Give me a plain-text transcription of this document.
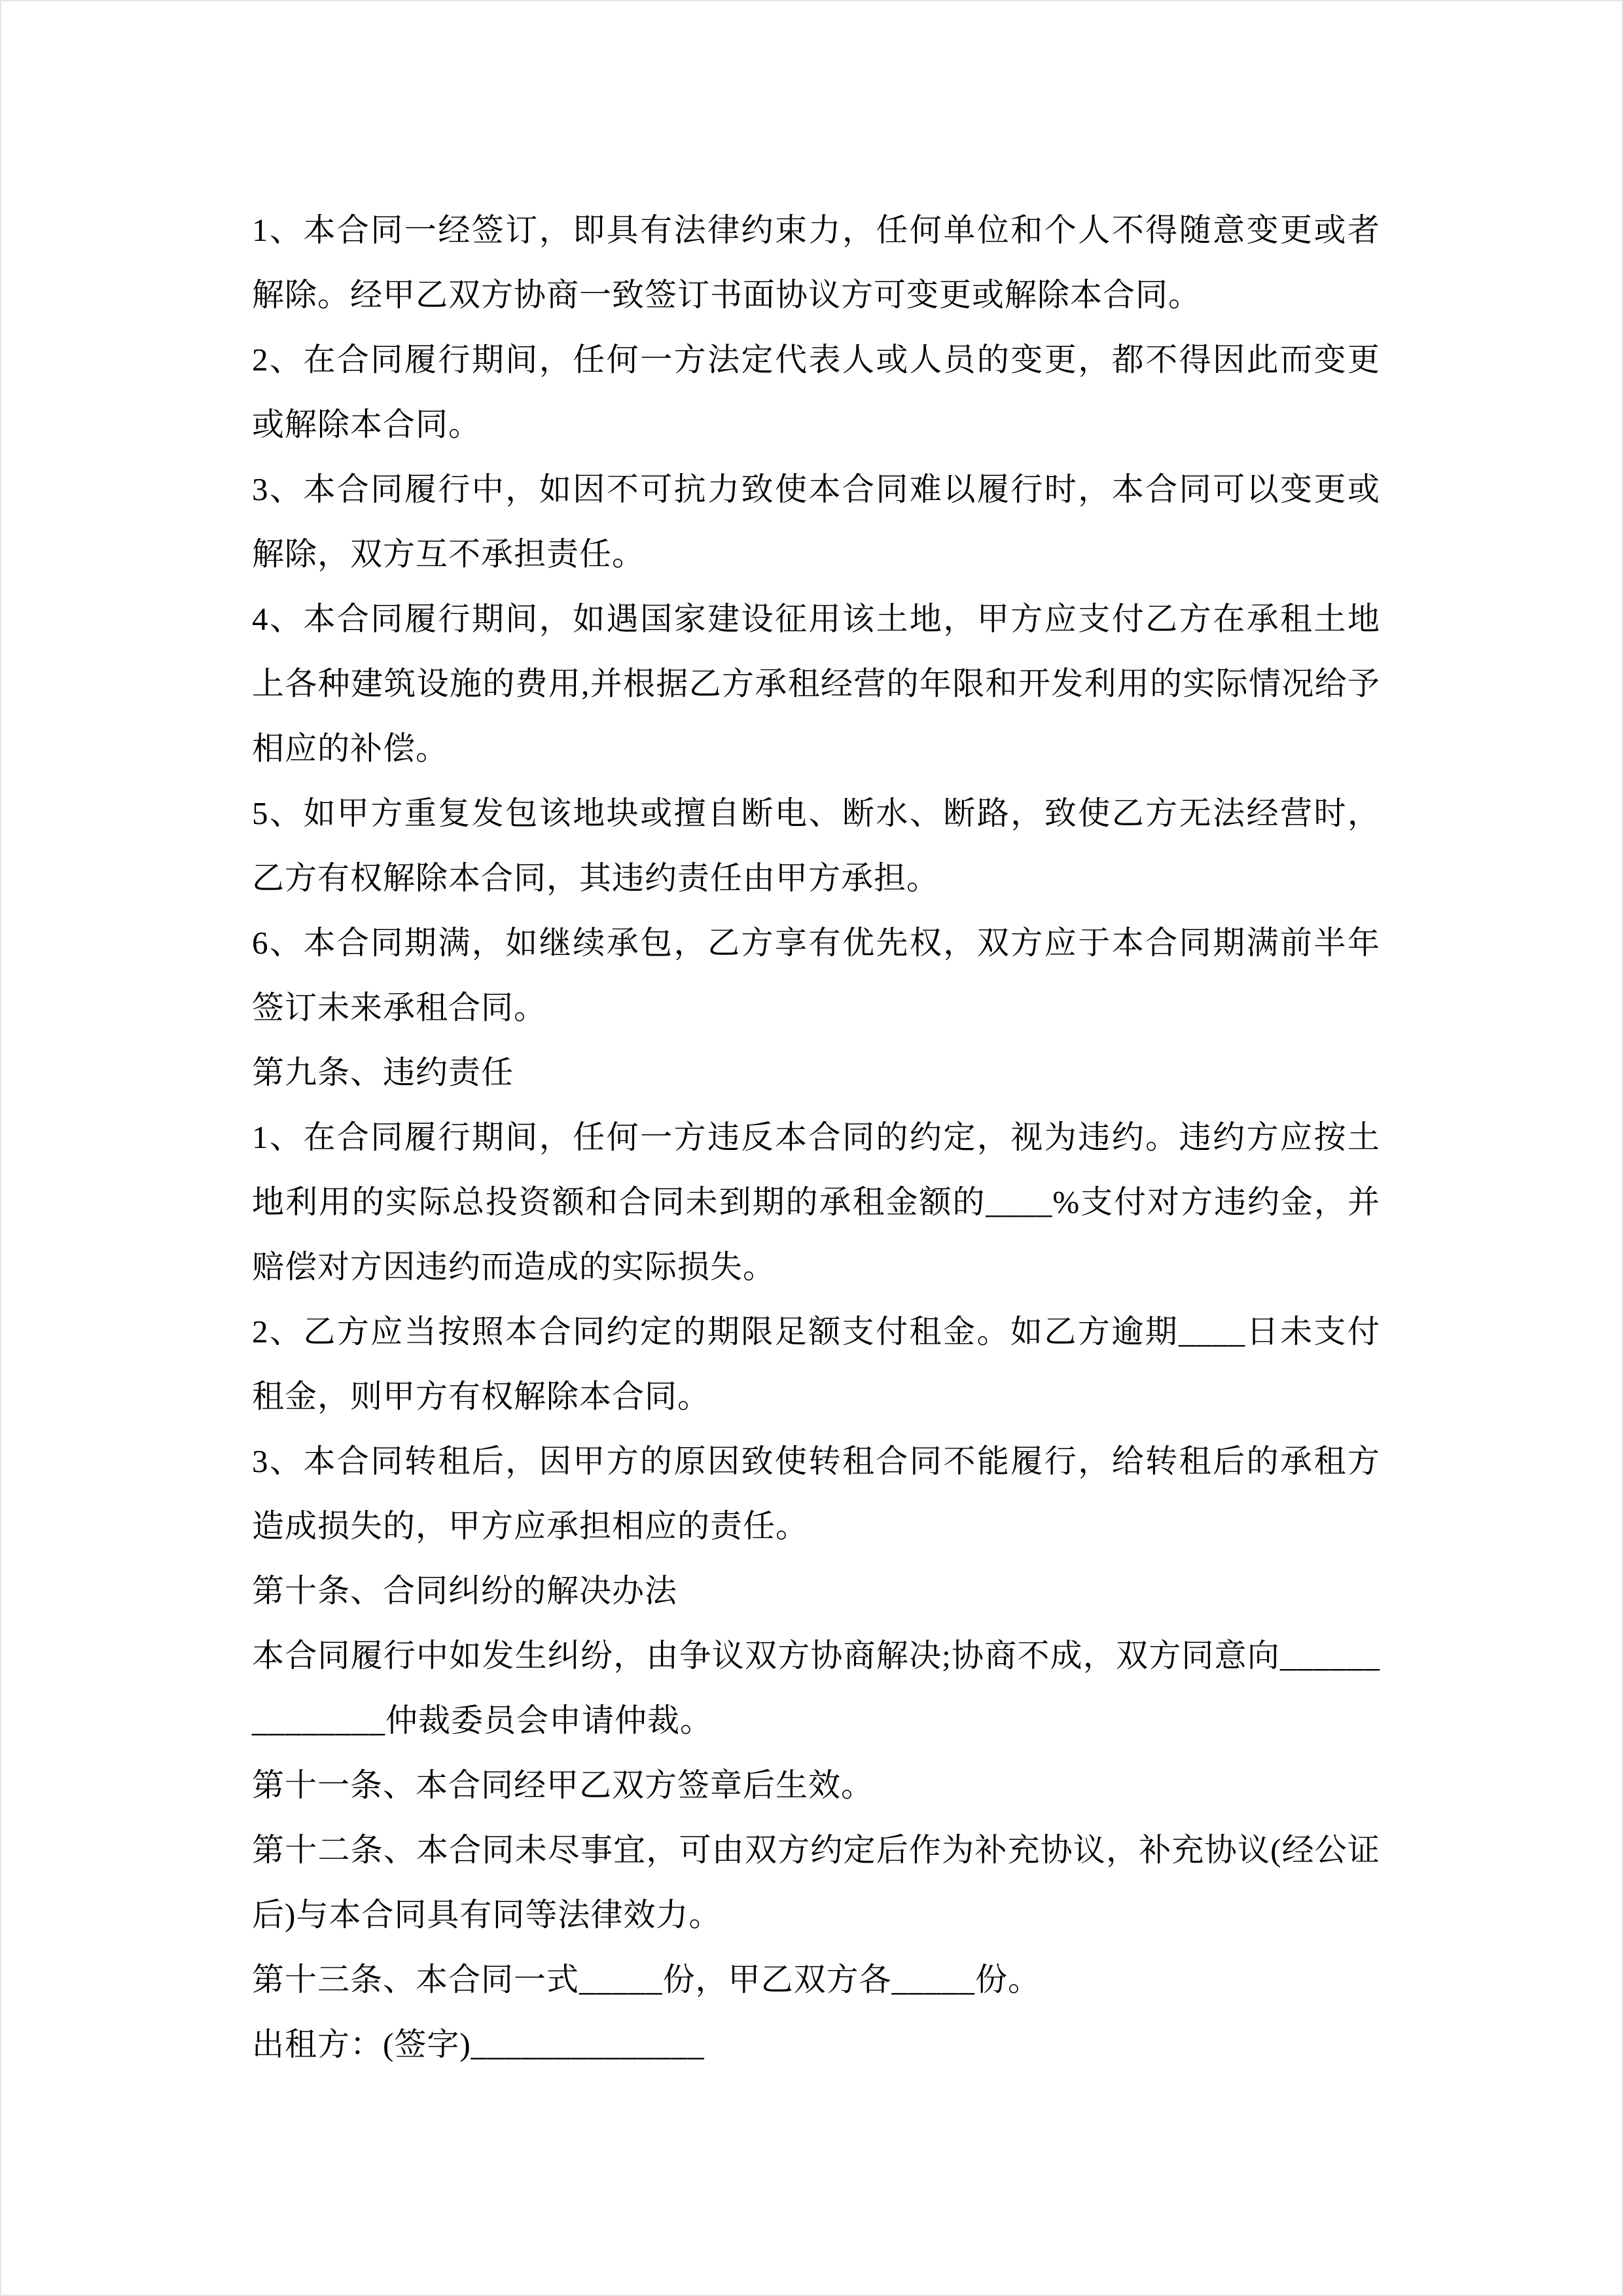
1、本合同一经签订，即具有法律约束力，任何单位和个人不得随意变更或者解除。经甲乙双方协商一致签订书面协议方可变更或解除本合同。

2、在合同履行期间，任何一方法定代表人或人员的变更，都不得因此而变更或解除本合同。

3、本合同履行中，如因不可抗力致使本合同难以履行时，本合同可以变更或解除，双方互不承担责任。

4、本合同履行期间，如遇国家建设征用该土地，甲方应支付乙方在承租土地上各种建筑设施的费用,并根据乙方承租经营的年限和开发利用的实际情况给予相应的补偿。

5、如甲方重复发包该地块或擅自断电、断水、断路，致使乙方无法经营时，乙方有权解除本合同，其违约责任由甲方承担。

6、本合同期满，如继续承包，乙方享有优先权，双方应于本合同期满前半年签订未来承租合同。

第九条、违约责任

1、在合同履行期间，任何一方违反本合同的约定，视为违约。违约方应按土地利用的实际总投资额和合同未到期的承租金额的____%支付对方违约金，并赔偿对方因违约而造成的实际损失。

2、乙方应当按照本合同约定的期限足额支付租金。如乙方逾期____日未支付租金，则甲方有权解除本合同。

3、本合同转租后，因甲方的原因致使转租合同不能履行，给转租后的承租方造成损失的，甲方应承担相应的责任。

第十条、合同纠纷的解决办法

本合同履行中如发生纠纷，由争议双方协商解决;协商不成，双方同意向______________仲裁委员会申请仲裁。

第十一条、本合同经甲乙双方签章后生效。

第十二条、本合同未尽事宜，可由双方约定后作为补充协议，补充协议(经公证后)与本合同具有同等法律效力。

第十三条、本合同一式_____份，甲乙双方各_____份。

出租方：(签字)______________
